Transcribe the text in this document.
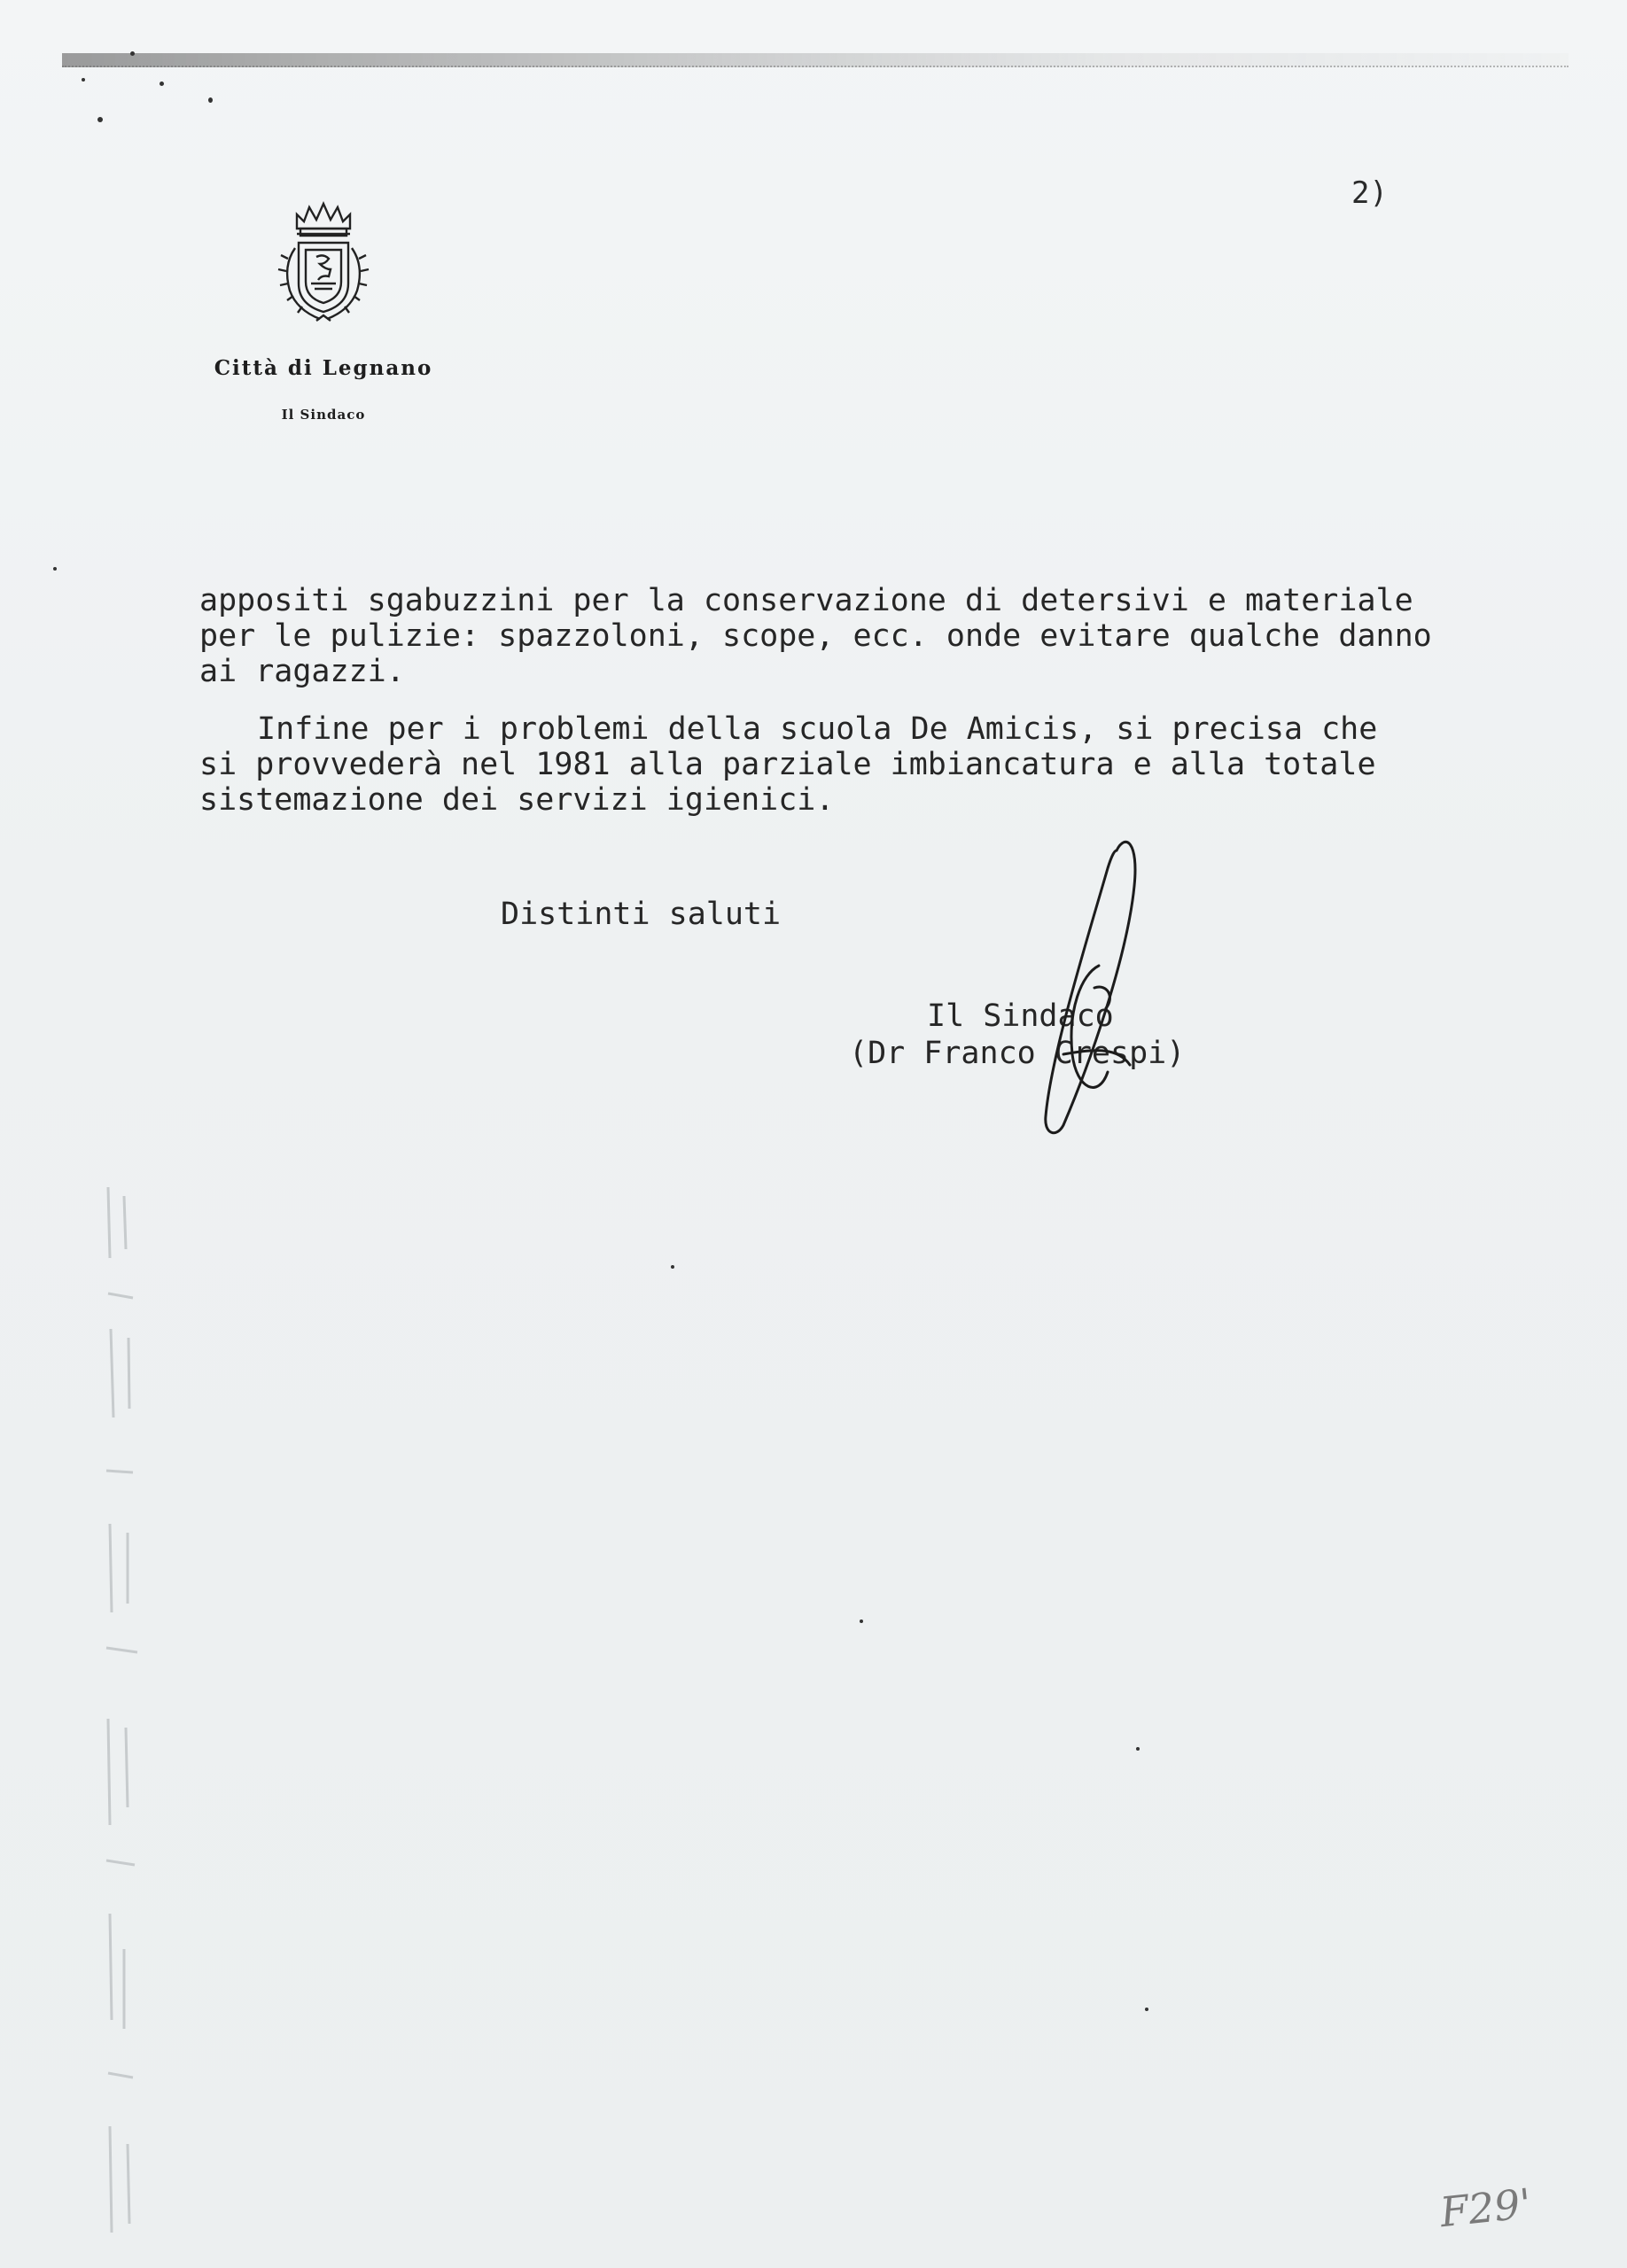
2)
Città di Legnano
Il Sindaco

appositi sgabuzzini per la conservazione di detersivi e materiale
per le pulizie: spazzoloni, scope, ecc. onde evitare qualche danno
ai ragazzi.

Infine per i problemi della scuola De Amicis, si precisa che
si provvederà nel 1981 alla parziale imbiancatura e alla totale
sistemazione dei servizi igienici.

Distinti saluti
Il Sindaco
(Dr Franco Crespi)
F29'
